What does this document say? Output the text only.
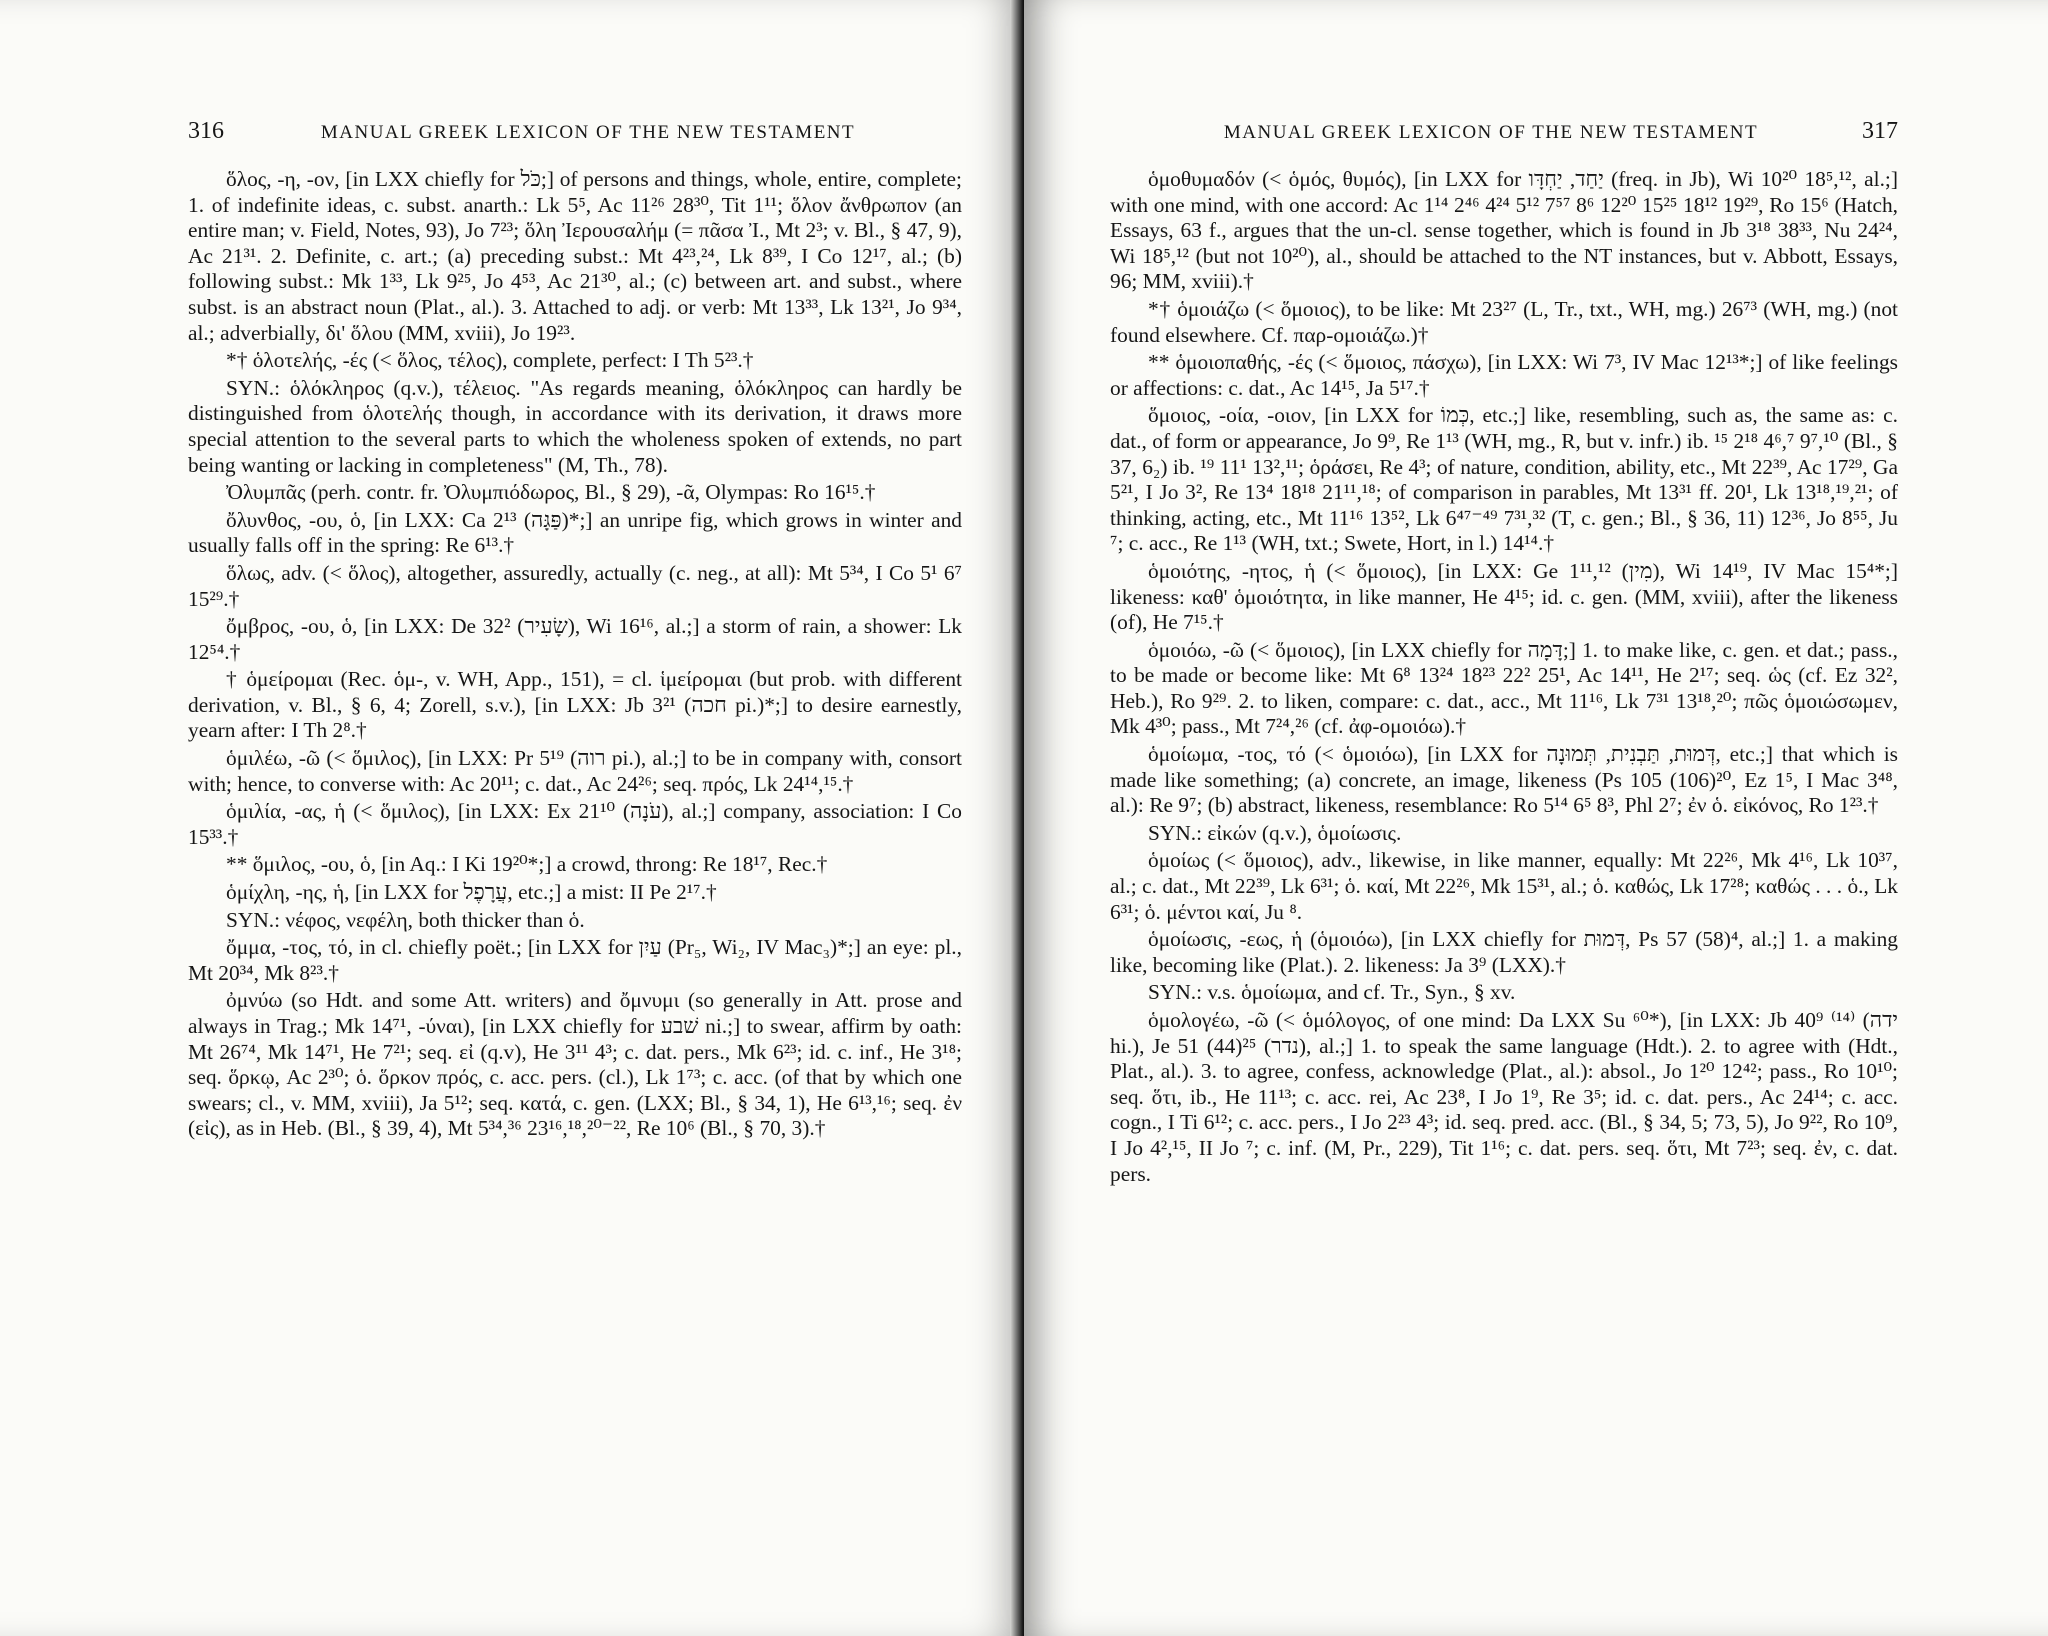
316	MANUAL GREEK LEXICON OF THE NEW TESTAMENT

ὅλος, -η, -ον, [in LXX chiefly for כֹּל;] of persons and things, whole, entire, complete; 1. of indefinite ideas, c. subst. anarth.: Lk 5⁵, Ac 11²⁶ 28³⁰, Tit 1¹¹; ὅλον ἄνθρωπον (an entire man; v. Field, Notes, 93), Jo 7²³; ὅλη Ἰερουσαλήμ (= πᾶσα Ἰ., Mt 2³; v. Bl., § 47, 9), Ac 21³¹. 2. Definite, c. art.; (a) preceding subst.: Mt 4²³,²⁴, Lk 8³⁹, I Co 12¹⁷, al.; (b) following subst.: Mk 1³³, Lk 9²⁵, Jo 4⁵³, Ac 21³⁰, al.; (c) between art. and subst., where subst. is an abstract noun (Plat., al.). 3. Attached to adj. or verb: Mt 13³³, Lk 13²¹, Jo 9³⁴, al.; adverbially, δι' ὅλου (MM, xviii), Jo 19²³.

*† ὁλοτελής, -ές (< ὅλος, τέλος), complete, perfect: I Th 5²³.†

SYN.: ὁλόκληρος (q.v.), τέλειος. "As regards meaning, ὁλόκληρος can hardly be distinguished from ὁλοτελής though, in accordance with its derivation, it draws more special attention to the several parts to which the wholeness spoken of extends, no part being wanting or lacking in completeness" (M, Th., 78).

Ὀλυμπᾶς (perh. contr. fr. Ὀλυμπιόδωρος, Bl., § 29), -ᾶ, Olympas: Ro 16¹⁵.†

ὄλυνθος, -ου, ὁ, [in LXX: Ca 2¹³ (פַּגָּה)*;] an unripe fig, which grows in winter and usually falls off in the spring: Re 6¹³.†

ὅλως, adv. (< ὅλος), altogether, assuredly, actually (c. neg., at all): Mt 5³⁴, I Co 5¹ 6⁷ 15²⁹.†

ὄμβρος, -ου, ὁ, [in LXX: De 32² (שָׂעִיר), Wi 16¹⁶, al.;] a storm of rain, a shower: Lk 12⁵⁴.†

† ὁμείρομαι (Rec. ὁμ-, v. WH, App., 151), = cl. ἱμείρομαι (but prob. with different derivation, v. Bl., § 6, 4; Zorell, s.v.), [in LXX: Jb 3²¹ (חכה pi.)*;] to desire earnestly, yearn after: I Th 2⁸.†

ὁμιλέω, -ῶ (< ὅμιλος), [in LXX: Pr 5¹⁹ (רוה pi.), al.;] to be in company with, consort with; hence, to converse with: Ac 20¹¹; c. dat., Ac 24²⁶; seq. πρός, Lk 24¹⁴,¹⁵.†

ὁμιλία, -ας, ἡ (< ὅμιλος), [in LXX: Ex 21¹⁰ (עֹנָה), al.;] company, association: I Co 15³³.†

** ὅμιλος, -ου, ὁ, [in Aq.: I Ki 19²⁰*;] a crowd, throng: Re 18¹⁷, Rec.†

ὁμίχλη, -ης, ἡ, [in LXX for עֲרָפֶל, etc.;] a mist: II Pe 2¹⁷.†

SYN.: νέφος, νεφέλη, both thicker than ὁ.

ὄμμα, -τος, τό, in cl. chiefly poët.; [in LXX for עַיִן (Pr₅, Wi₂, IV Mac₃)*;] an eye: pl., Mt 20³⁴, Mk 8²³.†

ὀμνύω (so Hdt. and some Att. writers) and ὄμνυμι (so generally in Att. prose and always in Trag.; Mk 14⁷¹, -ύναι), [in LXX chiefly for שׁבע ni.;] to swear, affirm by oath: Mt 26⁷⁴, Mk 14⁷¹, He 7²¹; seq. εἰ (q.v), He 3¹¹ 4³; c. dat. pers., Mk 6²³; id. c. inf., He 3¹⁸; seq. ὅρκῳ, Ac 2³⁰; ὁ. ὅρκον πρός, c. acc. pers. (cl.), Lk 1⁷³; c. acc. (of that by which one swears; cl., v. MM, xviii), Ja 5¹²; seq. κατά, c. gen. (LXX; Bl., § 34, 1), He 6¹³,¹⁶; seq. ἐν (εἰς), as in Heb. (Bl., § 39, 4), Mt 5³⁴,³⁶ 23¹⁶,¹⁸,²⁰⁻²², Re 10⁶ (Bl., § 70, 3).†

MANUAL GREEK LEXICON OF THE NEW TESTAMENT	317

ὁμοθυμαδόν (< ὁμός, θυμός), [in LXX for יַחַד, יַחְדָּו (freq. in Jb), Wi 10²⁰ 18⁵,¹², al.;] with one mind, with one accord: Ac 1¹⁴ 2⁴⁶ 4²⁴ 5¹² 7⁵⁷ 8⁶ 12²⁰ 15²⁵ 18¹² 19²⁹, Ro 15⁶ (Hatch, Essays, 63 f., argues that the un-cl. sense together, which is found in Jb 3¹⁸ 38³³, Nu 24²⁴, Wi 18⁵,¹² (but not 10²⁰), al., should be attached to the NT instances, but v. Abbott, Essays, 96; MM, xviii).†

*† ὁμοιάζω (< ὅμοιος), to be like: Mt 23²⁷ (L, Tr., txt., WH, mg.) 26⁷³ (WH, mg.) (not found elsewhere. Cf. παρ-ομοιάζω.)†

** ὁμοιοπαθής, -ές (< ὅμοιος, πάσχω), [in LXX: Wi 7³, IV Mac 12¹³*;] of like feelings or affections: c. dat., Ac 14¹⁵, Ja 5¹⁷.†

ὅμοιος, -οία, -οιον, [in LXX for כְּמוֹ, etc.;] like, resembling, such as, the same as: c. dat., of form or appearance, Jo 9⁹, Re 1¹³ (WH, mg., R, but v. infr.) ib. ¹⁵ 2¹⁸ 4⁶,⁷ 9⁷,¹⁰ (Bl., § 37, 6₂) ib. ¹⁹ 11¹ 13²,¹¹; ὁράσει, Re 4³; of nature, condition, ability, etc., Mt 22³⁹, Ac 17²⁹, Ga 5²¹, I Jo 3², Re 13⁴ 18¹⁸ 21¹¹,¹⁸; of comparison in parables, Mt 13³¹ ff. 20¹, Lk 13¹⁸,¹⁹,²¹; of thinking, acting, etc., Mt 11¹⁶ 13⁵², Lk 6⁴⁷⁻⁴⁹ 7³¹,³² (T, c. gen.; Bl., § 36, 11) 12³⁶, Jo 8⁵⁵, Ju ⁷; c. acc., Re 1¹³ (WH, txt.; Swete, Hort, in l.) 14¹⁴.†

ὁμοιότης, -ητος, ἡ (< ὅμοιος), [in LXX: Ge 1¹¹,¹² (מִין), Wi 14¹⁹, IV Mac 15⁴*;] likeness: καθ' ὁμοιότητα, in like manner, He 4¹⁵; id. c. gen. (MM, xviii), after the likeness (of), He 7¹⁵.†

ὁμοιόω, -ῶ (< ὅμοιος), [in LXX chiefly for דָּמָה;] 1. to make like, c. gen. et dat.; pass., to be made or become like: Mt 6⁸ 13²⁴ 18²³ 22² 25¹, Ac 14¹¹, He 2¹⁷; seq. ὡς (cf. Ez 32², Heb.), Ro 9²⁹. 2. to liken, compare: c. dat., acc., Mt 11¹⁶, Lk 7³¹ 13¹⁸,²⁰; πῶς ὁμοιώσωμεν, Mk 4³⁰; pass., Mt 7²⁴,²⁶ (cf. ἀφ-ομοιόω).†

ὁμοίωμα, -τος, τό (< ὁμοιόω), [in LXX for דְּמוּת, תַּבְנִית, תְּמוּנָה, etc.;] that which is made like something; (a) concrete, an image, likeness (Ps 105 (106)²⁰, Ez 1⁵, I Mac 3⁴⁸, al.): Re 9⁷; (b) abstract, likeness, resemblance: Ro 5¹⁴ 6⁵ 8³, Phl 2⁷; ἐν ὁ. εἰκόνος, Ro 1²³.†

SYN.: εἰκών (q.v.), ὁμοίωσις.

ὁμοίως (< ὅμοιος), adv., likewise, in like manner, equally: Mt 22²⁶, Mk 4¹⁶, Lk 10³⁷, al.; c. dat., Mt 22³⁹, Lk 6³¹; ὁ. καί, Mt 22²⁶, Mk 15³¹, al.; ὁ. καθώς, Lk 17²⁸; καθώς . . . ὁ., Lk 6³¹; ὁ. μέντοι καί, Ju ⁸.

ὁμοίωσις, -εως, ἡ (ὁμοιόω), [in LXX chiefly for דְּמוּת, Ps 57 (58)⁴, al.;] 1. a making like, becoming like (Plat.). 2. likeness: Ja 3⁹ (LXX).†

SYN.: v.s. ὁμοίωμα, and cf. Tr., Syn., § xv.

ὁμολογέω, -ῶ (< ὁμόλογος, of one mind: Da LXX Su ⁶⁰*), [in LXX: Jb 40⁹ ⁽¹⁴⁾ (ידה hi.), Je 51 (44)²⁵ (נדר), al.;] 1. to speak the same language (Hdt.). 2. to agree with (Hdt., Plat., al.). 3. to agree, confess, acknowledge (Plat., al.): absol., Jo 1²⁰ 12⁴²; pass., Ro 10¹⁰; seq. ὅτι, ib., He 11¹³; c. acc. rei, Ac 23⁸, I Jo 1⁹, Re 3⁵; id. c. dat. pers., Ac 24¹⁴; c. acc. cogn., I Ti 6¹²; c. acc. pers., I Jo 2²³ 4³; id. seq. pred. acc. (Bl., § 34, 5; 73, 5), Jo 9²², Ro 10⁹, I Jo 4²,¹⁵, II Jo ⁷; c. inf. (M, Pr., 229), Tit 1¹⁶; c. dat. pers. seq. ὅτι, Mt 7²³; seq. ἐν, c. dat. pers.
